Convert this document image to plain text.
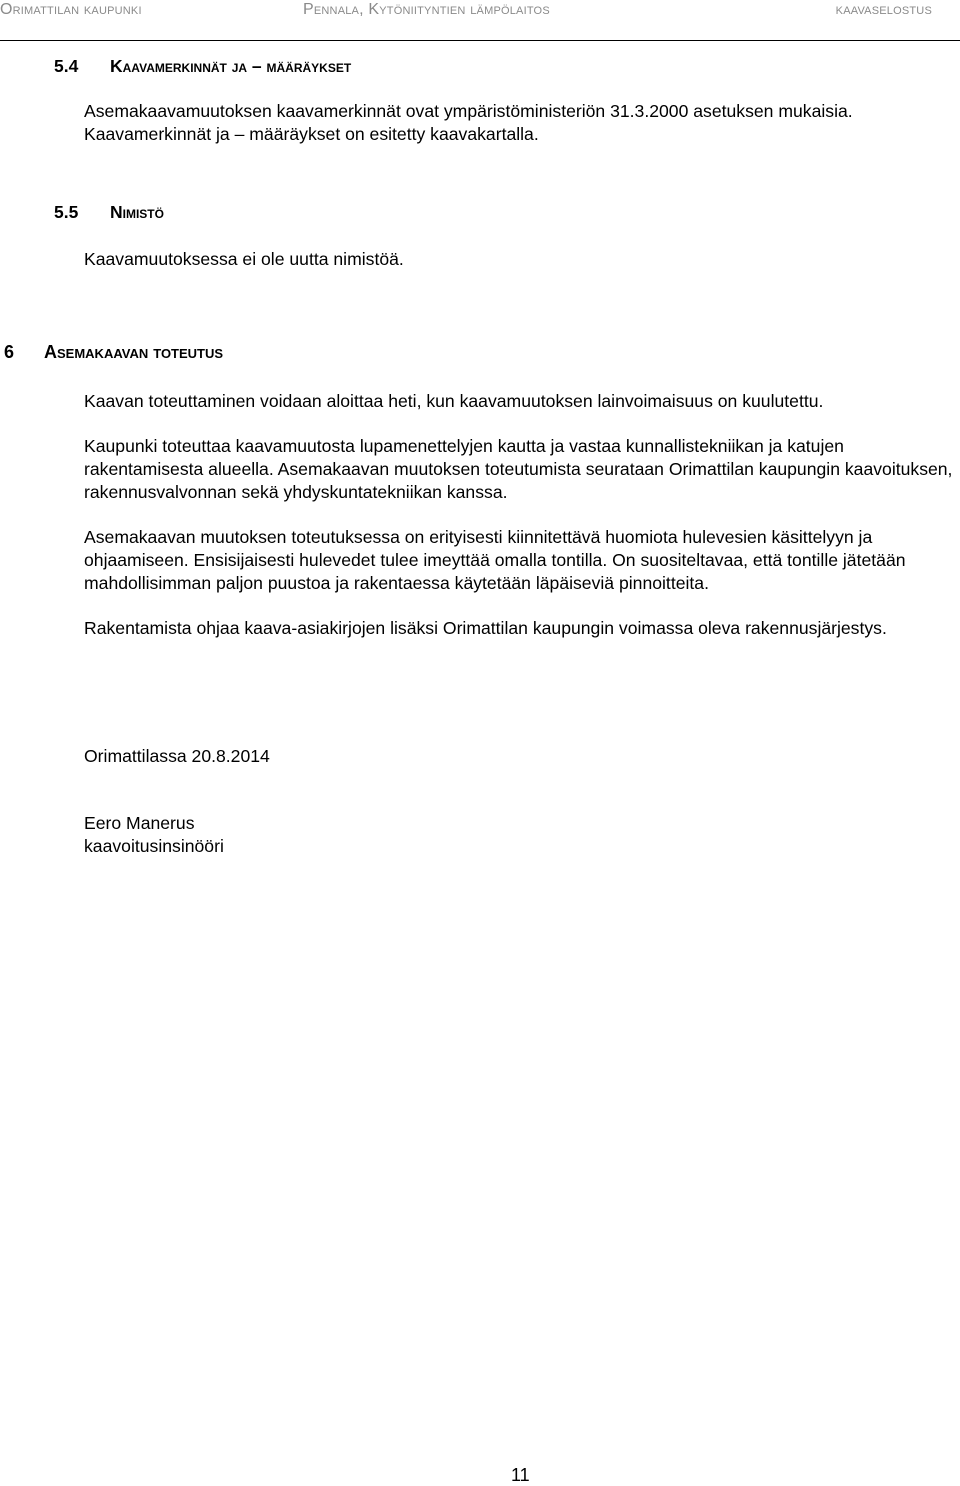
Orimattilan kaupunki	Pennala, Kytöniityntien lämpölaitos	kaavaselostus
5.4 Kaavamerkinnät ja – määräykset

Asemakaavamuutoksen kaavamerkinnät ovat ympäristöministeriön 31.3.2000 asetuksen mukaisia. Kaavamerkinnät ja – määräykset on esitetty kaavakartalla.

5.5 Nimistö

Kaavamuutoksessa ei ole uutta nimistöä.

6 Asemakaavan toteutus

Kaavan toteuttaminen voidaan aloittaa heti, kun kaavamuutoksen lainvoimaisuus on kuulutettu.

Kaupunki toteuttaa kaavamuutosta lupamenettelyjen kautta ja vastaa kunnallistekniikan ja katujen rakentamisesta alueella. Asemakaavan muutoksen toteutumista seurataan Orimattilan kaupungin kaavoituksen, rakennusvalvonnan sekä yhdyskuntatekniikan kanssa.

Asemakaavan muutoksen toteutuksessa on erityisesti kiinnitettävä huomiota hulevesien käsittelyyn ja ohjaamiseen. Ensisijaisesti hulevedet tulee imeyttää omalla tontilla. On suositeltavaa, että tontille jätetään mahdollisimman paljon puustoa ja rakentaessa käytetään läpäiseviä pinnoitteita.

Rakentamista ohjaa kaava-asiakirjojen lisäksi Orimattilan kaupungin voimassa oleva rakennusjärjestys.

Orimattilassa 20.8.2014
Eero Manerus
kaavoitusinsinööri
11
